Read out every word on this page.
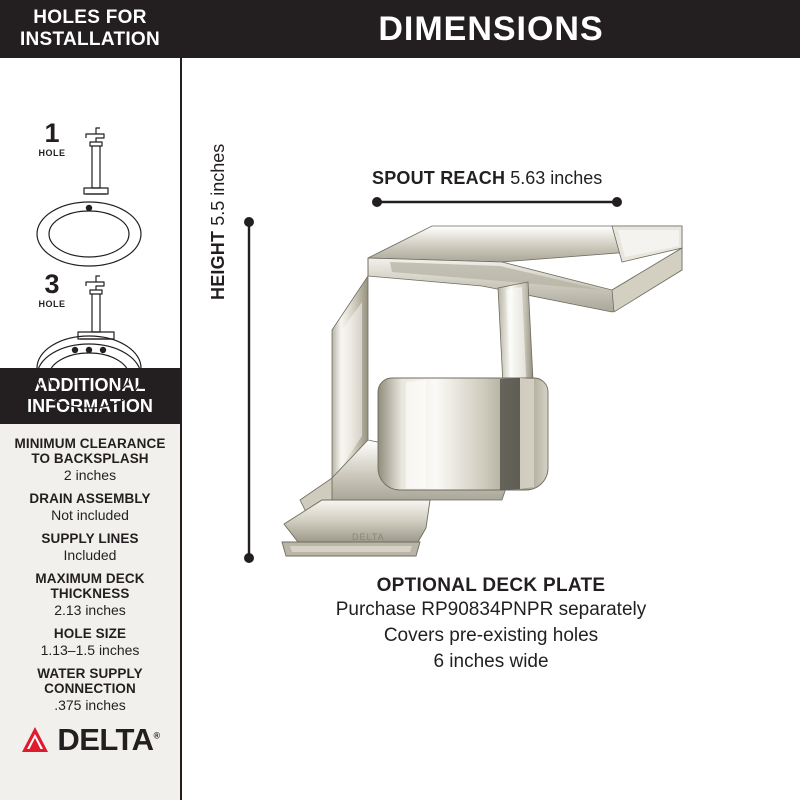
HOLES FOR
INSTALLATION
1
HOLE
3
HOLE
ADDITIONAL
INFORMATION
MINIMUM CLEARANCE TO BACKSPLASH
2 inches
DRAIN ASSEMBLY
Not included
SUPPLY LINES
Included
MAXIMUM DECK THICKNESS
2.13 inches
HOLE SIZE
1.13–1.5 inches
WATER SUPPLY CONNECTION
.375 inches
DELTA®
DIMENSIONS
SPOUT REACH 5.63 inches
HEIGHT 5.5 inches
DELTA
OPTIONAL DECK PLATE
Purchase RP90834PNPR separately
Covers pre-existing holes
6 inches wide
